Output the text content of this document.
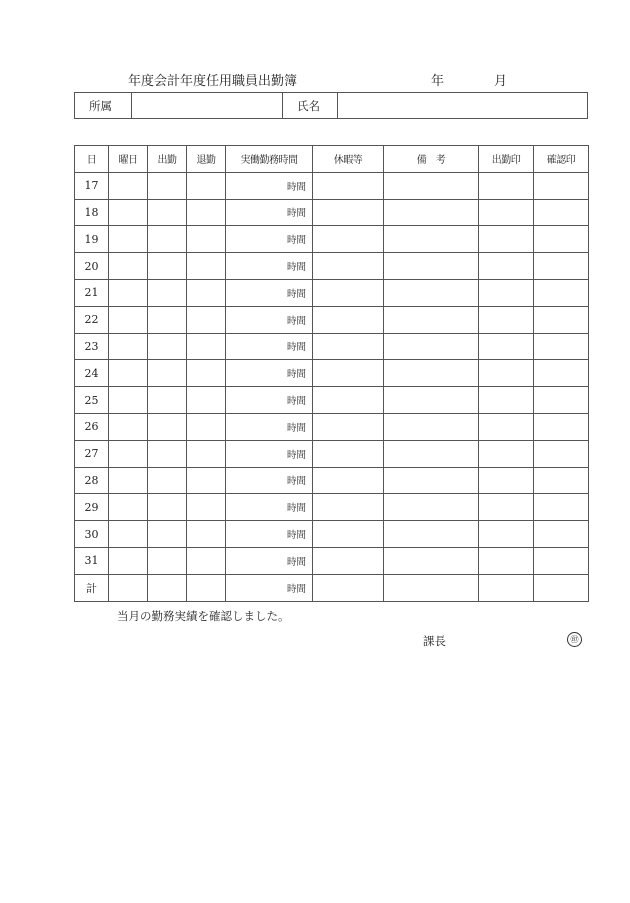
年度会計年度任用職員出勤簿	年	月
所属		氏名	
日	曜日	出勤	退勤	実働勤務時間	休暇等	備　考	出勤印	確認印
17				時間				
18				時間				
19				時間				
20				時間				
21				時間				
22				時間				
23				時間				
24				時間				
25				時間				
26				時間				
27				時間				
28				時間				
29				時間				
30				時間				
31				時間				
計				時間				
当月の勤務実績を確認しました。
課長	㊞
